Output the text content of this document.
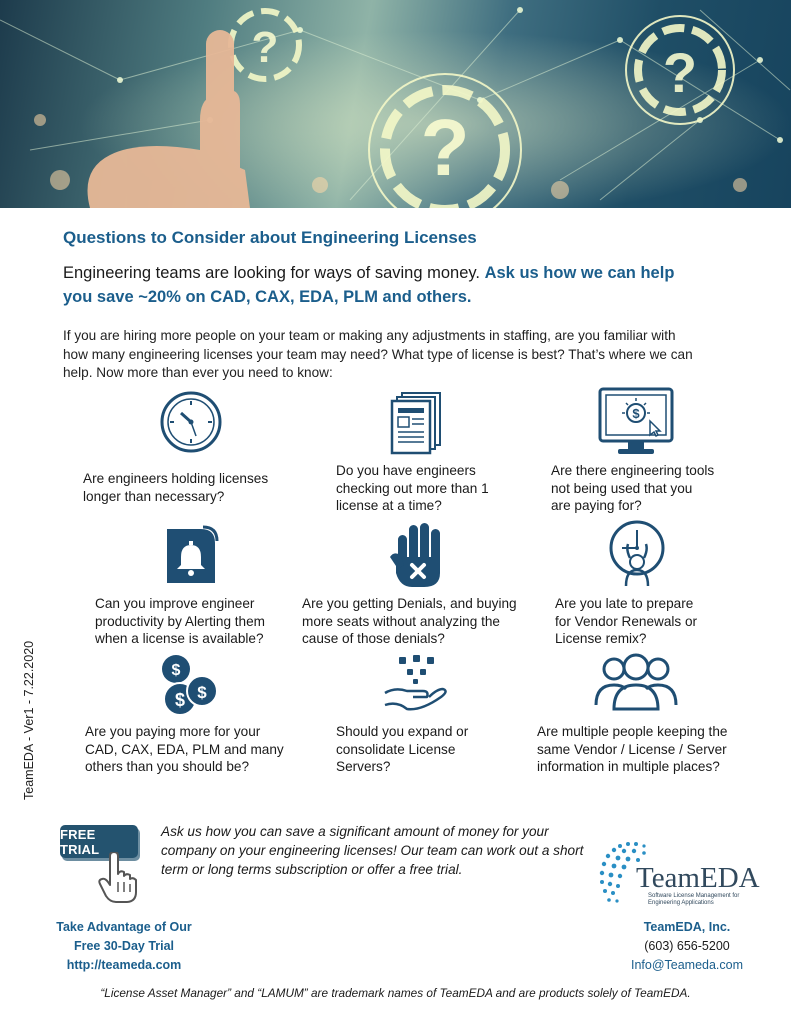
?
?	?
Questions to Consider about Engineering Licenses
Engineering teams are looking for ways of saving money. Ask us how we can help you save ~20% on CAD, CAX, EDA, PLM and others.
If you are hiring more people on your team or making any adjustments in staffing, are you familiar with how many engineering licenses your team may need? What type of license is best? That’s where we can help. Now more than ever you need to know:
$
Are engineers holding licenses
longer than necessary?
Do you have engineers
checking out more than 1
license at a time?
Are there engineering tools
not being used that you
are paying for?
Can you improve engineer
productivity by Alerting them
when a license is available?
Are you getting Denials, and buying
more seats without analyzing the
cause of those denials?
Are you late to prepare
for Vendor Renewals or
License remix?
$
$ $
Are you paying more for your
CAD, CAX, EDA, PLM and many
others than you should be?
Should you expand or
consolidate License
Servers?
Are multiple people keeping the
same Vendor / License / Server
information in multiple places?
TeamEDA - Ver1 - 7.22.2020
FREE TRIAL
Ask us how you can save a significant amount of money for your company on your engineering licenses! Our team can work out a short term or long terms subscription or offer a free trial.
Take Advantage of Our
Free 30-Day Trial
http://teameda.com
TeamEDA
Software License Management for
Engineering Applications
TeamEDA, Inc.
(603) 656-5200
Info@Teameda.com
“License Asset Manager” and “LAMUM” are trademark names of TeamEDA and are products solely of TeamEDA.
